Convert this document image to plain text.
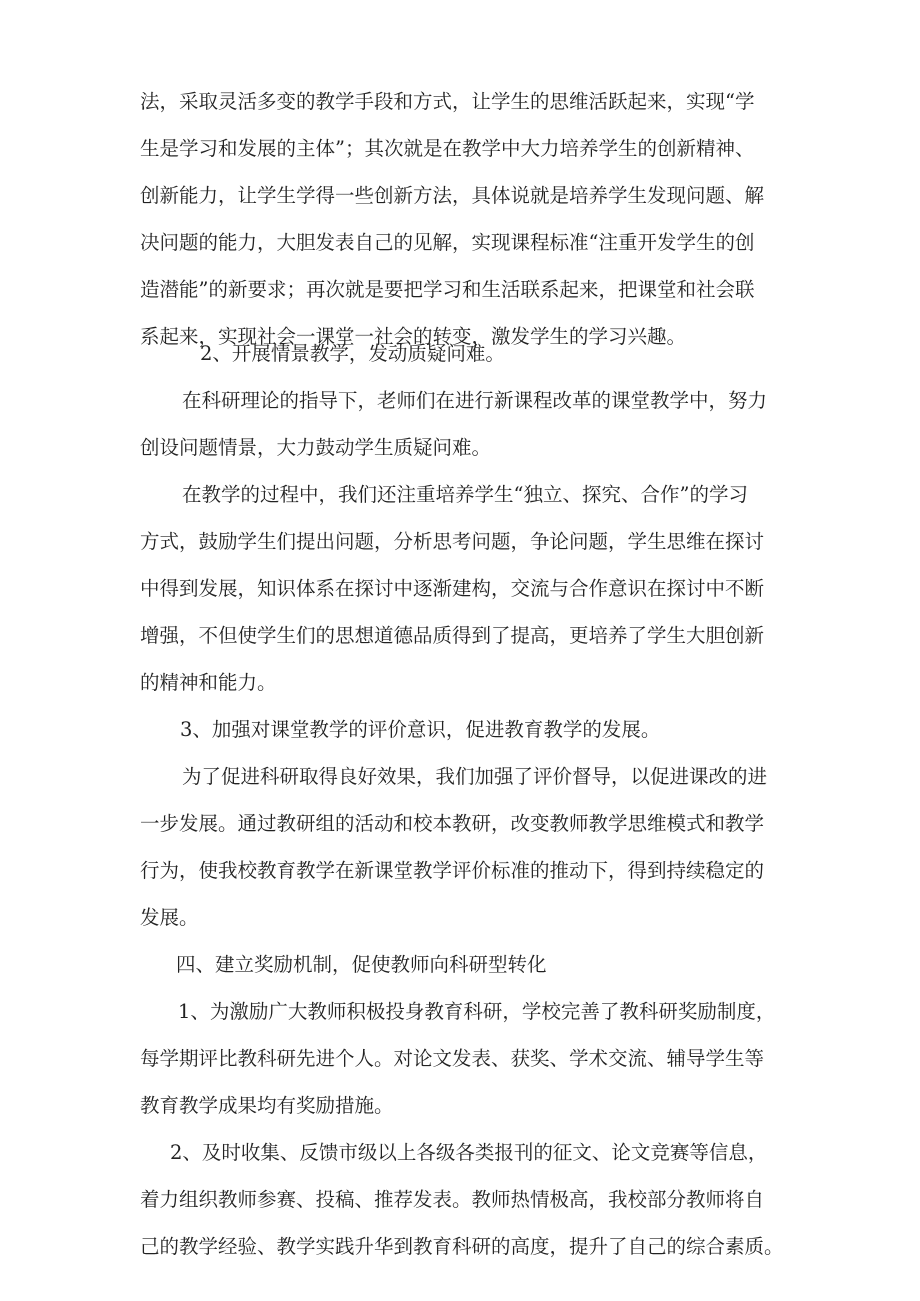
法，采取灵活多变的教学手段和方式，让学生的思维活跃起来，实现“学
生是学习和发展的主体”；其次就是在教学中大力培养学生的创新精神、
创新能力，让学生学得一些创新方法，具体说就是培养学生发现问题、解
决问题的能力，大胆发表自己的见解，实现课程标准“注重开发学生的创
造潜能”的新要求；再次就是要把学习和生活联系起来，把课堂和社会联
系起来，实现社会一课堂一社会的转变，激发学生的学习兴趣。
2、开展情景教学，发动质疑问难。
在科研理论的指导下，老师们在进行新课程改革的课堂教学中，努力
创设问题情景，大力鼓动学生质疑问难。
在教学的过程中，我们还注重培养学生“独立、探究、合作”的学习
方式，鼓励学生们提出问题，分析思考问题，争论问题，学生思维在探讨
中得到发展，知识体系在探讨中逐渐建构，交流与合作意识在探讨中不断
增强，不但使学生们的思想道德品质得到了提高，更培养了学生大胆创新
的精神和能力。
3、加强对课堂教学的评价意识，促进教育教学的发展。
为了促进科研取得良好效果，我们加强了评价督导，以促进课改的进
一步发展。通过教研组的活动和校本教研，改变教师教学思维模式和教学
行为，使我校教育教学在新课堂教学评价标准的推动下，得到持续稳定的
发展。
四、建立奖励机制，促使教师向科研型转化
1、为激励广大教师积极投身教育科研，学校完善了教科研奖励制度，
每学期评比教科研先进个人。对论文发表、获奖、学术交流、辅导学生等
教育教学成果均有奖励措施。
2、及时收集、反馈市级以上各级各类报刊的征文、论文竞赛等信息，
着力组织教师参赛、投稿、推荐发表。教师热情极高，我校部分教师将自
己的教学经验、教学实践升华到教育科研的高度，提升了自己的综合素质。
